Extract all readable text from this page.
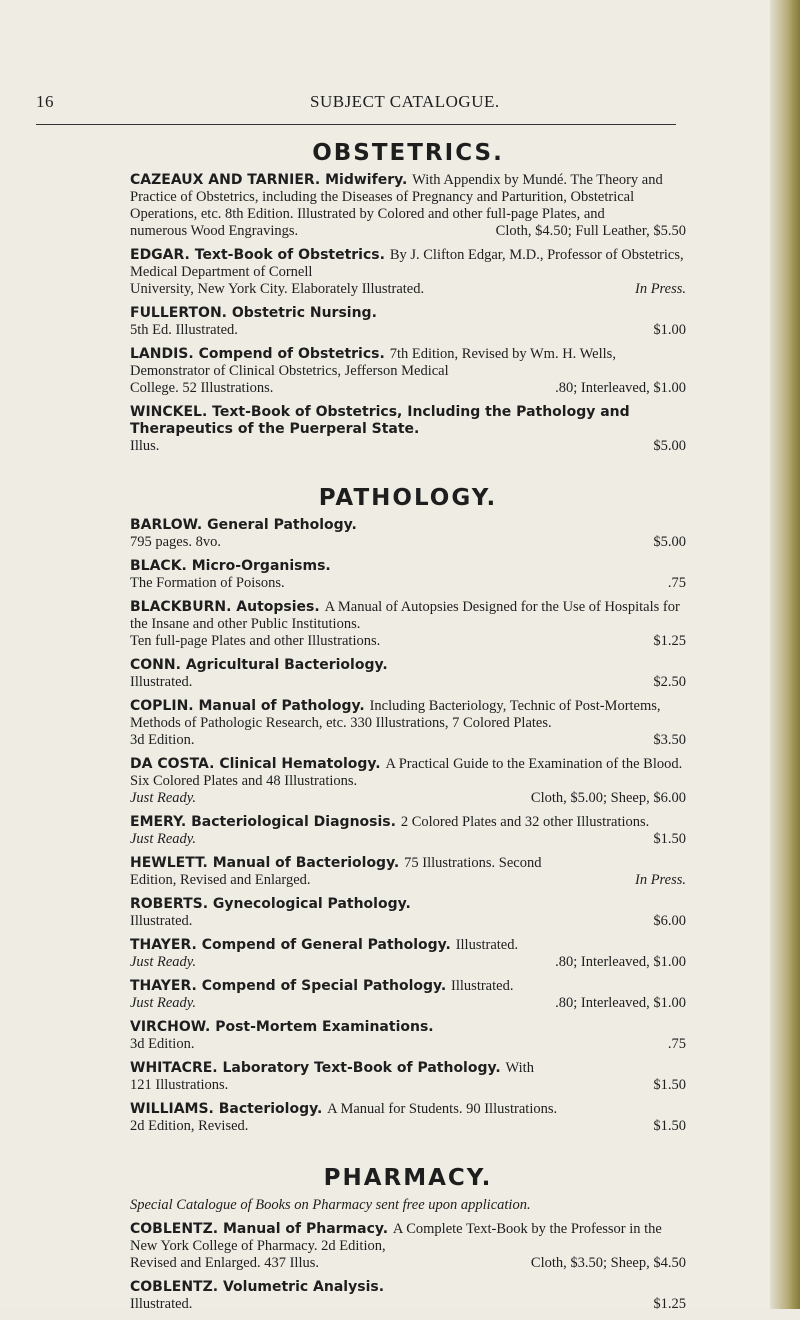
16	SUBJECT CATALOGUE.
OBSTETRICS.
CAZEAUX AND TARNIER. Midwifery. With Appendix by Mundé. The Theory and Practice of Obstetrics, including the Diseases of Pregnancy and Parturition, Obstetrical Operations, etc. 8th Edition. Illustrated by Colored and other full-page Plates, and
numerous Wood Engravings.	Cloth, $4.50; Full Leather, $5.50
EDGAR. Text-Book of Obstetrics. By J. Clifton Edgar, M.D., Professor of Obstetrics, Medical Department of Cornell
University, New York City. Elaborately Illustrated.	In Press.
FULLERTON. Obstetric Nursing.
5th Ed. Illustrated.	$1.00
LANDIS. Compend of Obstetrics. 7th Edition, Revised by Wm. H. Wells, Demonstrator of Clinical Obstetrics, Jefferson Medical
College. 52 Illustrations.	.80; Interleaved, $1.00
WINCKEL. Text-Book of Obstetrics, Including the Pathology and Therapeutics of the Puerperal State.
Illus.	$5.00
PATHOLOGY.
BARLOW. General Pathology.
795 pages. 8vo.	$5.00
BLACK. Micro-Organisms.
The Formation of Poisons.	.75
BLACKBURN. Autopsies. A Manual of Autopsies Designed for the Use of Hospitals for the Insane and other Public Institutions.
Ten full-page Plates and other Illustrations.	$1.25
CONN. Agricultural Bacteriology.
Illustrated.	$2.50
COPLIN. Manual of Pathology. Including Bacteriology, Technic of Post-Mortems, Methods of Pathologic Research, etc. 330 Illustrations, 7 Colored Plates.
3d Edition.	$3.50
DA COSTA. Clinical Hematology. A Practical Guide to the Examination of the Blood. Six Colored Plates and 48 Illustrations.
Just Ready.	Cloth, $5.00; Sheep, $6.00
EMERY. Bacteriological Diagnosis. 2 Colored Plates and 32 other Illustrations.
Just Ready.	$1.50
HEWLETT. Manual of Bacteriology. 75 Illustrations. Second
Edition, Revised and Enlarged.	In Press.
ROBERTS. Gynecological Pathology.
Illustrated.	$6.00
THAYER. Compend of General Pathology. Illustrated.
Just Ready.	.80; Interleaved, $1.00
THAYER. Compend of Special Pathology. Illustrated.
Just Ready.	.80; Interleaved, $1.00
VIRCHOW. Post-Mortem Examinations.
3d Edition.	.75
WHITACRE. Laboratory Text-Book of Pathology. With
121 Illustrations.	$1.50
WILLIAMS. Bacteriology. A Manual for Students. 90 Illustrations.
2d Edition, Revised.	$1.50
PHARMACY.

Special Catalogue of Books on Pharmacy sent free upon application.

COBLENTZ. Manual of Pharmacy. A Complete Text-Book by the Professor in the New York College of Pharmacy. 2d Edition,
Revised and Enlarged. 437 Illus.	Cloth, $3.50; Sheep, $4.50
COBLENTZ. Volumetric Analysis.
Illustrated.	$1.25
